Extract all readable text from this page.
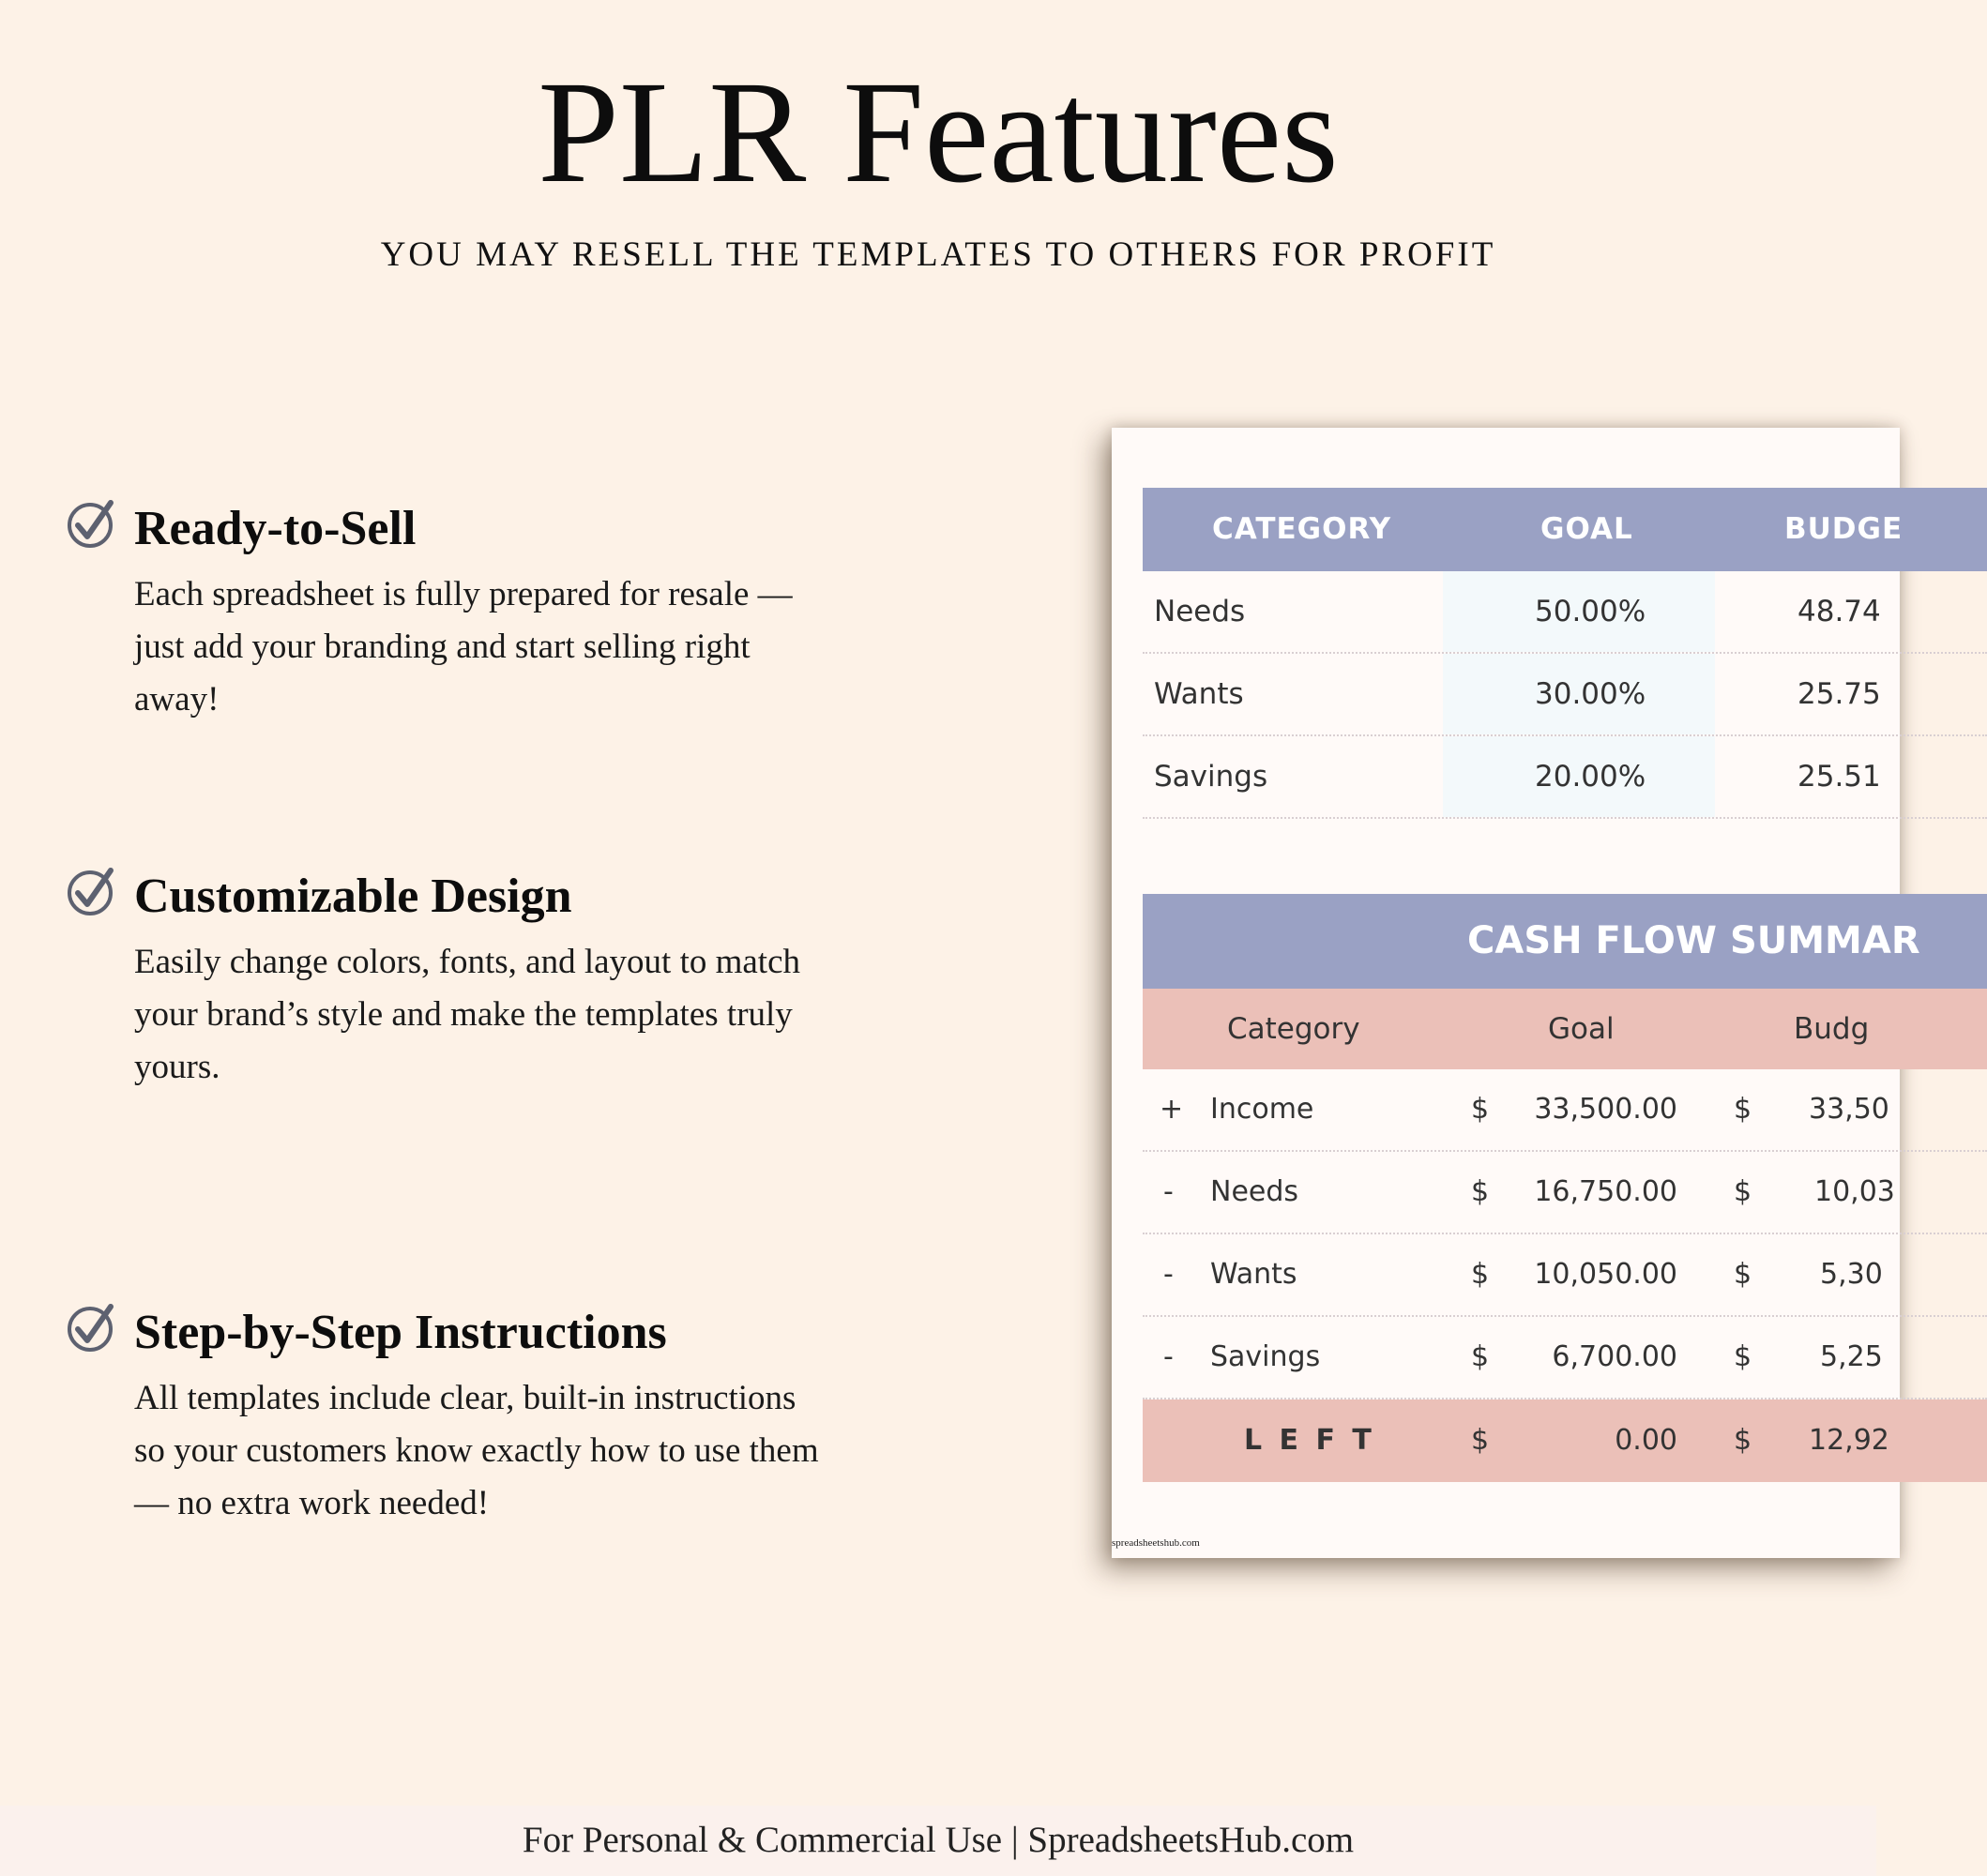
PLR Features
YOU MAY RESELL THE TEMPLATES TO OTHERS FOR PROFIT
Ready-to-Sell
Each spreadsheet is fully prepared for resale —
just add your branding and start selling right
away!
Customizable Design
Easily change colors, fonts, and layout to match
your brand’s style and make the templates truly
yours.
Step-by-Step Instructions
All templates include clear, built-in instructions
so your customers know exactly how to use them
— no extra work needed!
CATEGORY	GOAL	BUDGE
Needs	50.00%	48.74
Wants	30.00%	25.75
Savings	20.00%	25.51
CASH FLOW SUMMAR
Category	Goal	Budg
+ Income	$	33,500.00 $ 33,50
- Needs	$	16,750.00 $ 10,03
- Wants	$	10,050.00 $ 5,30
- Savings	$	6,700.00 $ 5,25
L E F T	$	0.00 $ 12,92
spreadsheetshub.com
For Personal & Commercial Use | SpreadsheetsHub.com
